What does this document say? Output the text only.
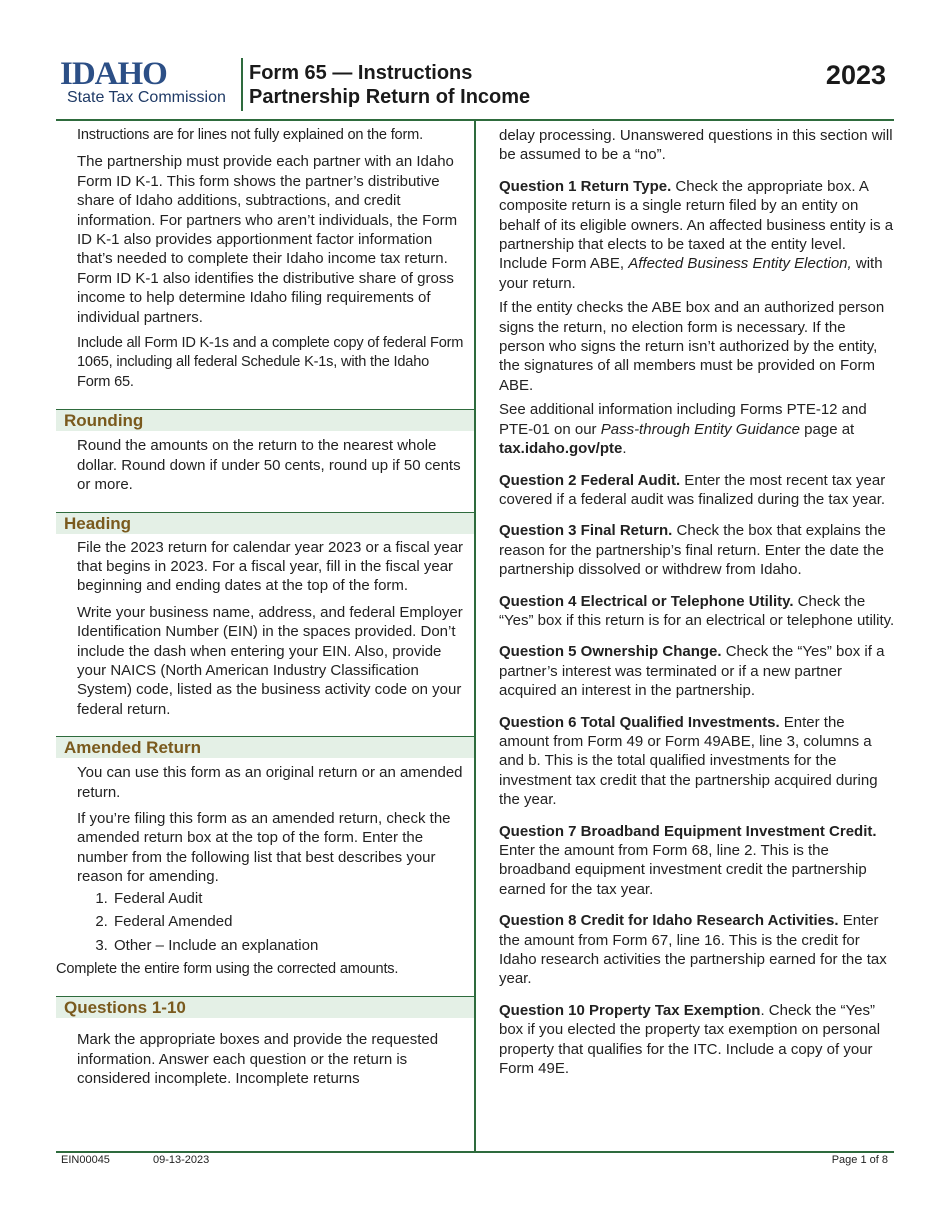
IDAHO
State Tax Commission
Form 65 — Instructions
Partnership Return of Income
2023

Instructions are for lines not fully explained on the form.

The partnership must provide each partner with an Idaho Form ID K-1. This form shows the partner’s distributive share of Idaho additions, subtractions, and credit information. For partners who aren’t individuals, the Form ID K-1 also provides apportionment factor information that’s needed to complete their Idaho income tax return. Form ID K-1 also identifies the distributive share of gross income to help determine Idaho filing requirements of individual partners.

Include all Form ID K-1s and a complete copy of federal Form 1065, including all federal Schedule K-1s, with the Idaho Form 65.

Rounding

Round the amounts on the return to the nearest whole dollar. Round down if under 50 cents, round up if 50 cents or more.

Heading

File the 2023 return for calendar year 2023 or a fiscal year that begins in 2023. For a fiscal year, fill in the fiscal year beginning and ending dates at the top of the form.

Write your business name, address, and federal Employer Identification Number (EIN) in the spaces provided. Don’t include the dash when entering your EIN. Also, provide your NAICS (North American Industry Classification System) code, listed as the business activity code on your federal return.

Amended Return

You can use this form as an original return or an amended return.

If you’re filing this form as an amended return, check the amended return box at the top of the form. Enter the number from the following list that best describes your reason for amending.

1. Federal Audit
2. Federal Amended
3. Other – Include an explanation

Complete the entire form using the corrected amounts.

Questions 1-10

Mark the appropriate boxes and provide the requested information. Answer each question or the return is considered incomplete. Incomplete returns

delay processing. Unanswered questions in this section will be assumed to be a “no”.

Question 1 Return Type. Check the appropriate box. A composite return is a single return filed by an entity on behalf of its eligible owners. An affected business entity is a partnership that elects to be taxed at the entity level. Include Form ABE, Affected Business Entity Election, with your return.

If the entity checks the ABE box and an authorized person signs the return, no election form is necessary. If the person who signs the return isn’t authorized by the entity, the signatures of all members must be provided on Form ABE.

See additional information including Forms PTE-12 and PTE-01 on our Pass-through Entity Guidance page at tax.idaho.gov/pte.

Question 2 Federal Audit. Enter the most recent tax year covered if a federal audit was finalized during the tax year.

Question 3 Final Return. Check the box that explains the reason for the partnership’s final return. Enter the date the partnership dissolved or withdrew from Idaho.

Question 4 Electrical or Telephone Utility. Check the “Yes” box if this return is for an electrical or telephone utility.

Question 5 Ownership Change. Check the “Yes” box if a partner’s interest was terminated or if a new partner acquired an interest in the partnership.

Question 6 Total Qualified Investments. Enter the amount from Form 49 or Form 49ABE, line 3, columns a and b. This is the total qualified investments for the investment tax credit that the partnership acquired during the year.

Question 7 Broadband Equipment Investment Credit. Enter the amount from Form 68, line 2. This is the broadband equipment investment credit the partnership earned for the tax year.

Question 8 Credit for Idaho Research Activities. Enter the amount from Form 67, line 16. This is the credit for Idaho research activities the partnership earned for the tax year.

Question 10 Property Tax Exemption. Check the “Yes” box if you elected the property tax exemption on personal property that qualifies for the ITC. Include a copy of your Form 49E.

EIN00045	09-13-2023	Page 1 of 8
